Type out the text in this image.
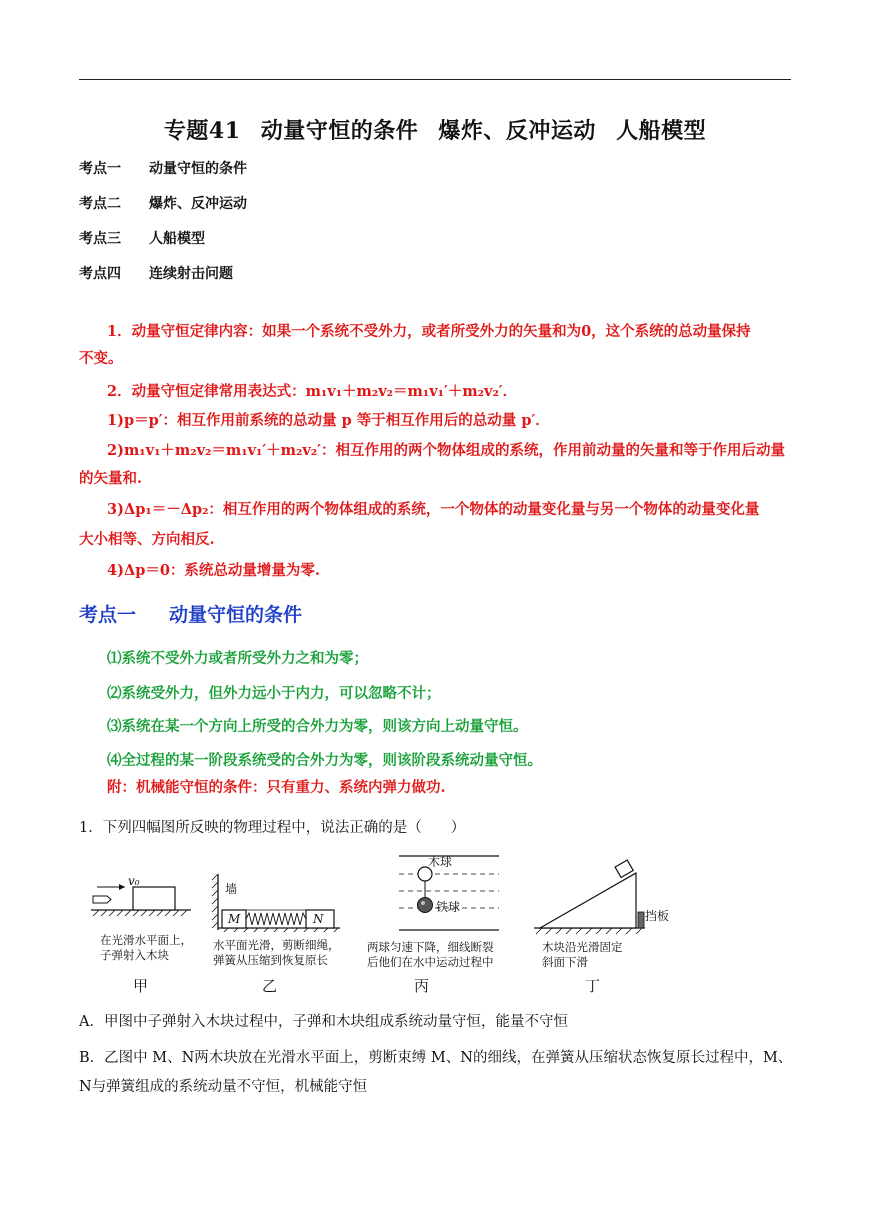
专题41 动量守恒的条件 爆炸、反冲运动 人船模型
考点一 动量守恒的条件
考点二 爆炸、反冲运动
考点三 人船模型
考点四 连续射击问题
1．动量守恒定律内容：如果一个系统不受外力，或者所受外力的矢量和为0，这个系统的总动量保持
不变。
2．动量守恒定律常用表达式：m₁v₁＋m₂v₂＝m₁v₁′＋m₂v₂′．
1)p＝p′：相互作用前系统的总动量 p 等于相互作用后的总动量 p′．
2)m₁v₁＋m₂v₂＝m₁v₁′＋m₂v₂′：相互作用的两个物体组成的系统，作用前动量的矢量和等于作用后动量
的矢量和.
3)Δp₁＝－Δp₂：相互作用的两个物体组成的系统，一个物体的动量变化量与另一个物体的动量变化量
大小相等、方向相反.
4)Δp＝0：系统总动量增量为零.
考点一 动量守恒的条件
⑴系统不受外力或者所受外力之和为零；
⑵系统受外力，但外力远小于内力，可以忽略不计；
⑶系统在某一个方向上所受的合外力为零，则该方向上动量守恒。
⑷全过程的某一阶段系统受的合外力为零，则该阶段系统动量守恒。
附：机械能守恒的条件：只有重力、系统内弹力做功.
1．下列四幅图所反映的物理过程中，说法正确的是（　　）
v₀
在光滑水平面上，
子弹射入木块
甲
墙
M	N
水平面光滑，剪断细绳，
弹簧从压缩到恢复原长
乙
木球
铁球
两球匀速下降，细线断裂
后他们在水中运动过程中
丙
挡板
木块沿光滑固定
斜面下滑
丁
A．甲图中子弹射入木块过程中，子弹和木块组成系统动量守恒，能量不守恒
B．乙图中 M、N两木块放在光滑水平面上，剪断束缚 M、N的细线，在弹簧从压缩状态恢复原长过程中，M、
N与弹簧组成的系统动量不守恒，机械能守恒
